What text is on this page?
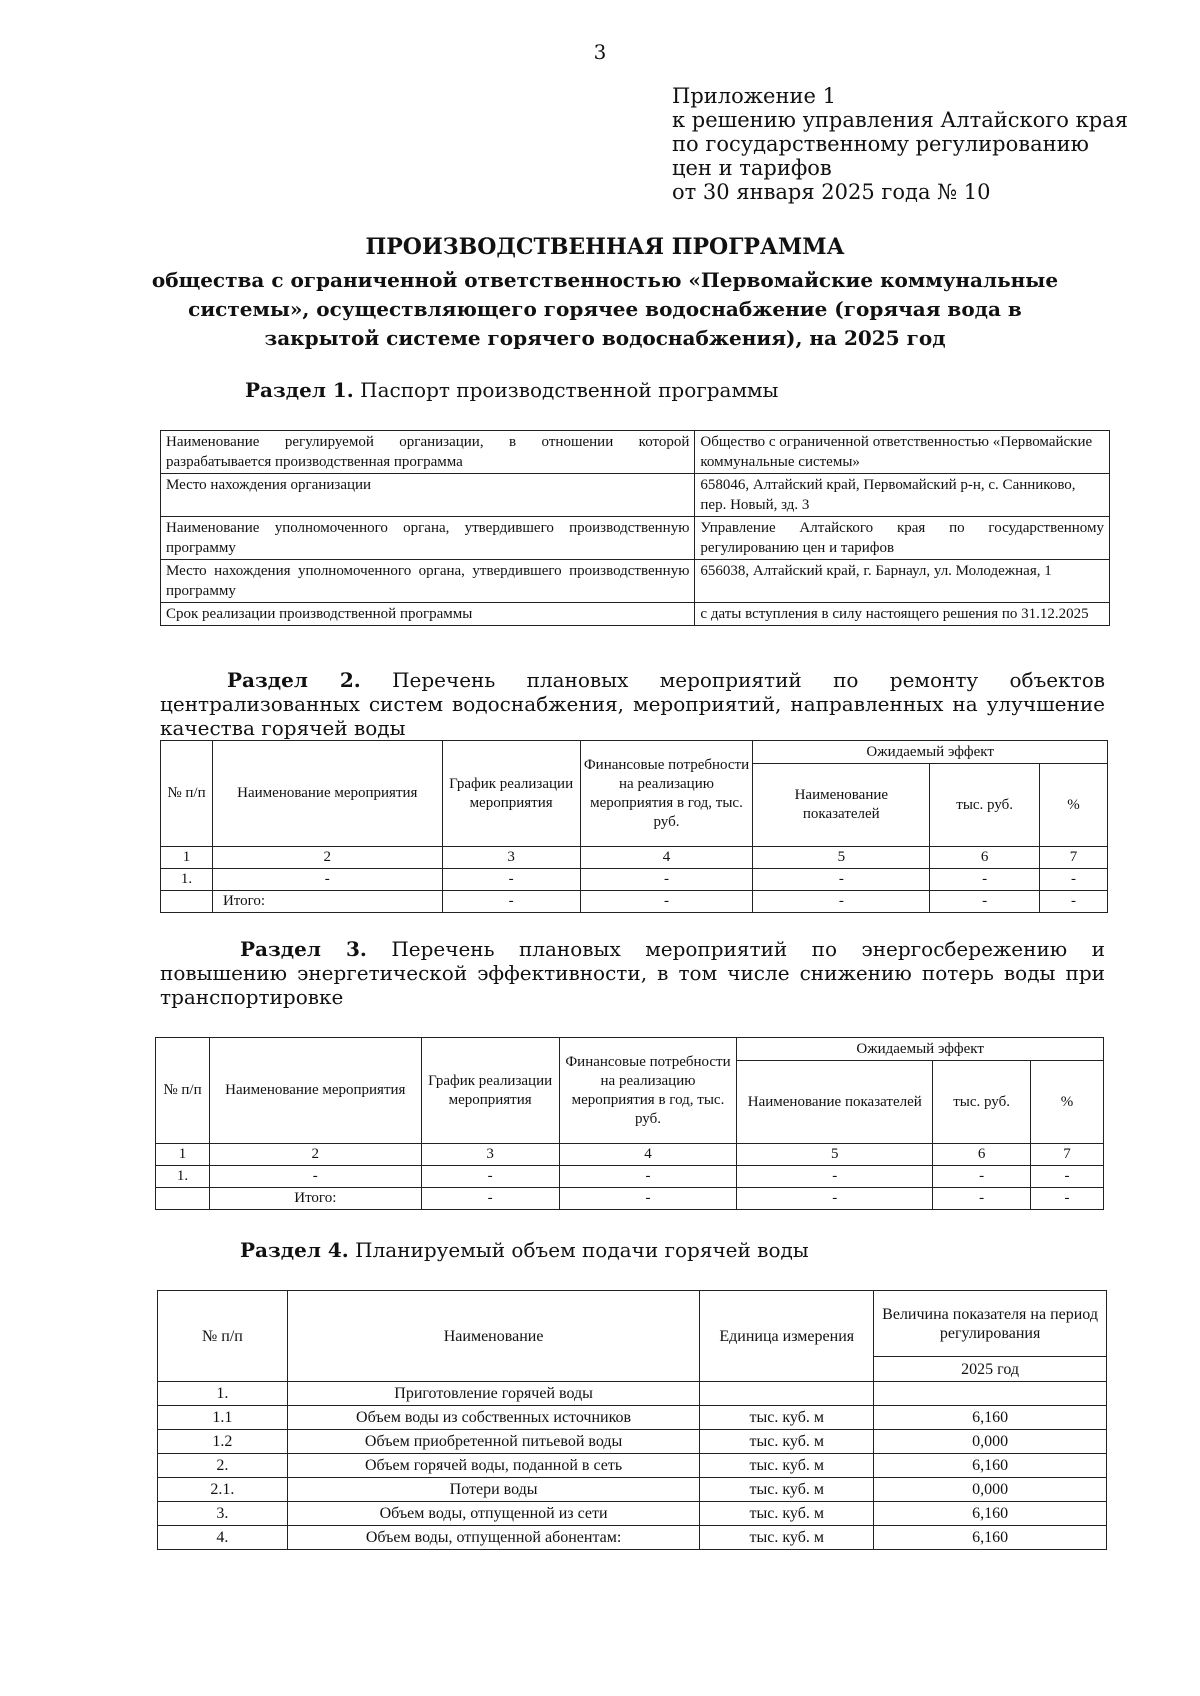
3
Приложение 1
к решению управления Алтайского края
по государственному регулированию
цен и тарифов
от 30 января 2025 года № 10
ПРОИЗВОДСТВЕННАЯ ПРОГРАММА
общества с ограниченной ответственностью «Первомайские коммунальные системы», осуществляющего горячее водоснабжение (горячая вода в закрытой системе горячего водоснабжения), на 2025 год
Раздел 1. Паспорт производственной программы
Наименование регулируемой организации, в отношении которой разрабатывается производственная программа	Общество с ограниченной ответственностью «Первомайские коммунальные системы»
Место нахождения организации	658046, Алтайский край, Первомайский р-н, с. Санниково, пер. Новый, зд. 3
Наименование уполномоченного органа, утвердившего производственную программу	Управление Алтайского края по государственному регулированию цен и тарифов
Место нахождения уполномоченного органа, утвердившего производственную программу	656038, Алтайский край, г. Барнаул, ул. Молодежная, 1
Срок реализации производственной программы	с даты вступления в силу настоящего решения по 31.12.2025
Раздел 2. Перечень плановых мероприятий по ремонту объектов централизованных систем водоснабжения, мероприятий, направленных на улучшение качества горячей воды
№ п/п	Наименование мероприятия	График реализации мероприятия	Финансовые потребности на реализацию мероприятия в год, тыс. руб.	Ожидаемый эффект		
				Наименование показателей	тыс. руб.	%
1	2	3	4	5	6	7
1.	-	-	-	-	-	-
	Итого:	-	-	-	-	-
Раздел 3. Перечень плановых мероприятий по энергосбережению и повышению энергетической эффективности, в том числе снижению потерь воды при транспортировке
№ п/п	Наименование мероприятия	График реализации мероприятия	Финансовые потребности на реализацию мероприятия в год, тыс. руб.	Ожидаемый эффект		
				Наименование показателей	тыс. руб.	%
1	2	3	4	5	6	7
1.	-	-	-	-	-	-
	Итого:	-	-	-	-	-
Раздел 4. Планируемый объем подачи горячей воды
№ п/п	Наименование	Единица измерения	Величина показателя на период регулирования
			2025 год
1.	Приготовление горячей воды		
1.1	Объем воды из собственных источников	тыс. куб. м	6,160
1.2	Объем приобретенной питьевой воды	тыс. куб. м	0,000
2.	Объем горячей воды, поданной в сеть	тыс. куб. м	6,160
2.1.	Потери воды	тыс. куб. м	0,000
3.	Объем воды, отпущенной из сети	тыс. куб. м	6,160
4.	Объем воды, отпущенной абонентам:	тыс. куб. м	6,160
